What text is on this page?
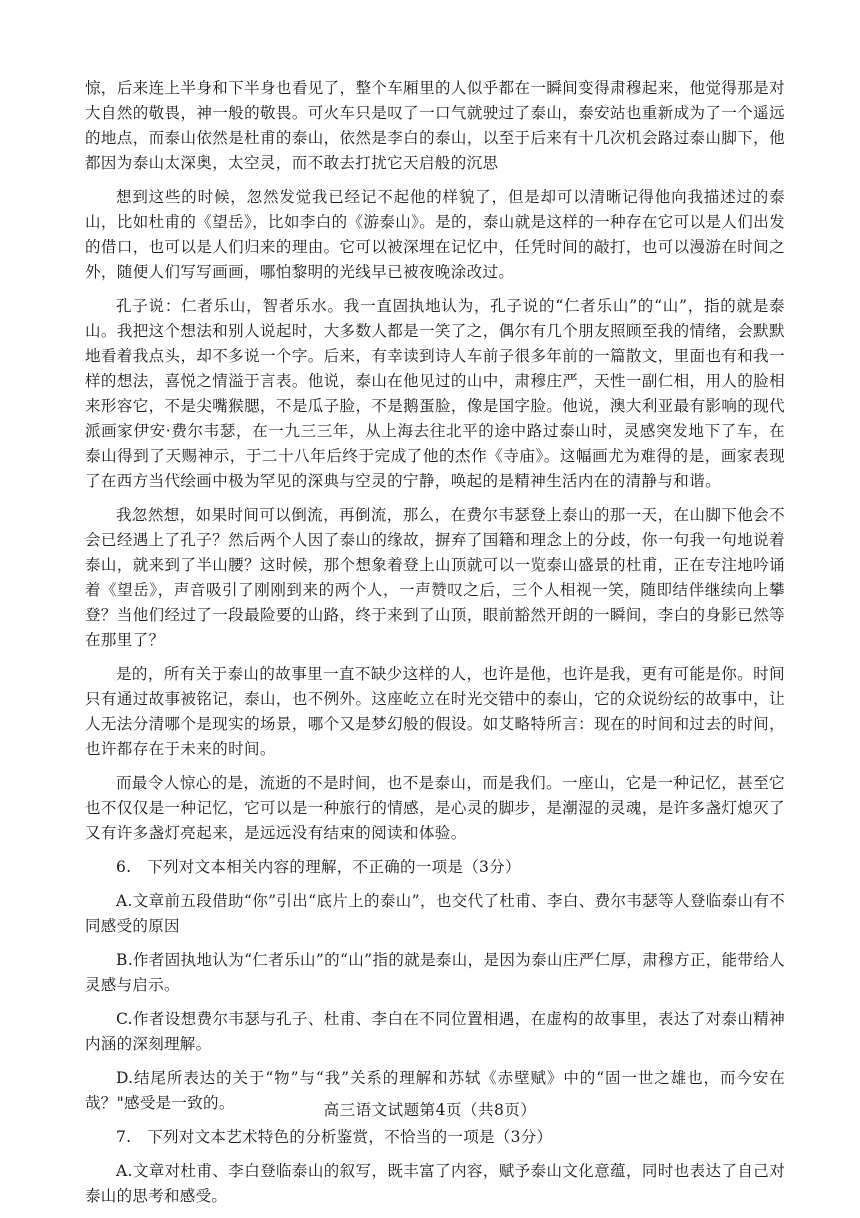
惊，后来连上半身和下半身也看见了，整个车厢里的人似乎都在一瞬间变得肃穆起来，他觉得那是对大自然的敬畏，神一般的敬畏。可火车只是叹了一口气就驶过了泰山，泰安站也重新成为了一个遥远的地点，而泰山依然是杜甫的泰山，依然是李白的泰山，以至于后来有十几次机会路过泰山脚下，他都因为泰山太深奥，太空灵，而不敢去打扰它天启般的沉思

想到这些的时候，忽然发觉我已经记不起他的样貌了，但是却可以清晰记得他向我描述过的泰山，比如杜甫的《望岳》，比如李白的《游泰山》。是的，泰山就是这样的一种存在它可以是人们出发的借口，也可以是人们归来的理由。它可以被深埋在记忆中，任凭时间的敲打，也可以漫游在时间之外，随便人们写写画画，哪怕黎明的光线早已被夜晚涂改过。

孔子说：仁者乐山，智者乐水。我一直固执地认为，孔子说的“仁者乐山”的“山”，指的就是泰山。我把这个想法和别人说起时，大多数人都是一笑了之，偶尔有几个朋友照顾至我的情绪，会默默地看着我点头，却不多说一个字。后来，有幸读到诗人车前子很多年前的一篇散文，里面也有和我一样的想法，喜悦之情溢于言表。他说，泰山在他见过的山中，肃穆庄严，天性一副仁相，用人的脸相来形容它，不是尖嘴猴腮，不是瓜子脸，不是鹅蛋脸，像是国字脸。他说，澳大利亚最有影响的现代派画家伊安·费尔韦瑟，在一九三三年，从上海去往北平的途中路过泰山时，灵感突发地下了车，在泰山得到了天赐神示，于二十八年后终于完成了他的杰作《寺庙》。这幅画尤为难得的是，画家表现了在西方当代绘画中极为罕见的深典与空灵的宁静，唤起的是精神生活内在的清静与和谐。

我忽然想，如果时间可以倒流，再倒流，那么，在费尔韦瑟登上泰山的那一天，在山脚下他会不会已经遇上了孔子？然后两个人因了泰山的缘故，摒弃了国籍和理念上的分歧，你一句我一句地说着泰山，就来到了半山腰？这时候，那个想象着登上山顶就可以一览泰山盛景的杜甫，正在专注地吟诵着《望岳》，声音吸引了刚刚到来的两个人，一声赞叹之后，三个人相视一笑，随即结伴继续向上攀登？当他们经过了一段最险要的山路，终于来到了山顶，眼前豁然开朗的一瞬间，李白的身影已然等在那里了？

是的，所有关于泰山的故事里一直不缺少这样的人，也许是他，也许是我，更有可能是你。时间只有通过故事被铭记，泰山，也不例外。这座屹立在时光交错中的泰山，它的众说纷纭的故事中，让人无法分清哪个是现实的场景，哪个又是梦幻般的假设。如艾略特所言：现在的时间和过去的时间，也许都存在于未来的时间。

而最令人惊心的是，流逝的不是时间，也不是泰山，而是我们。一座山，它是一种记忆，甚至它也不仅仅是一种记忆，它可以是一种旅行的情感，是心灵的脚步，是潮湿的灵魂，是许多盏灯熄灭了又有许多盏灯亮起来，是远远没有结束的阅读和体验。

6.　下列对文本相关内容的理解，不正确的一项是（3分）

A.文章前五段借助“你”引出“底片上的泰山”，也交代了杜甫、李白、费尔韦瑟等人登临泰山有不同感受的原因

B.作者固执地认为“仁者乐山”的“山”指的就是泰山，是因为泰山庄严仁厚，肃穆方正，能带给人灵感与启示。

C.作者设想费尔韦瑟与孔子、杜甫、李白在不同位置相遇，在虚构的故事里，表达了对泰山精神内涵的深刻理解。

D.结尾所表达的关于“物”与“我”关系的理解和苏轼《赤壁赋》中的“固一世之雄也，而今安在哉？"感受是一致的。

7.　下列对文本艺术特色的分析鉴赏，不恰当的一项是（3分）

A.文章对杜甫、李白登临泰山的叙写，既丰富了内容，赋予泰山文化意蕴，同时也表达了自己对泰山的思考和感受。

高三语文试题第4页（共8页）
